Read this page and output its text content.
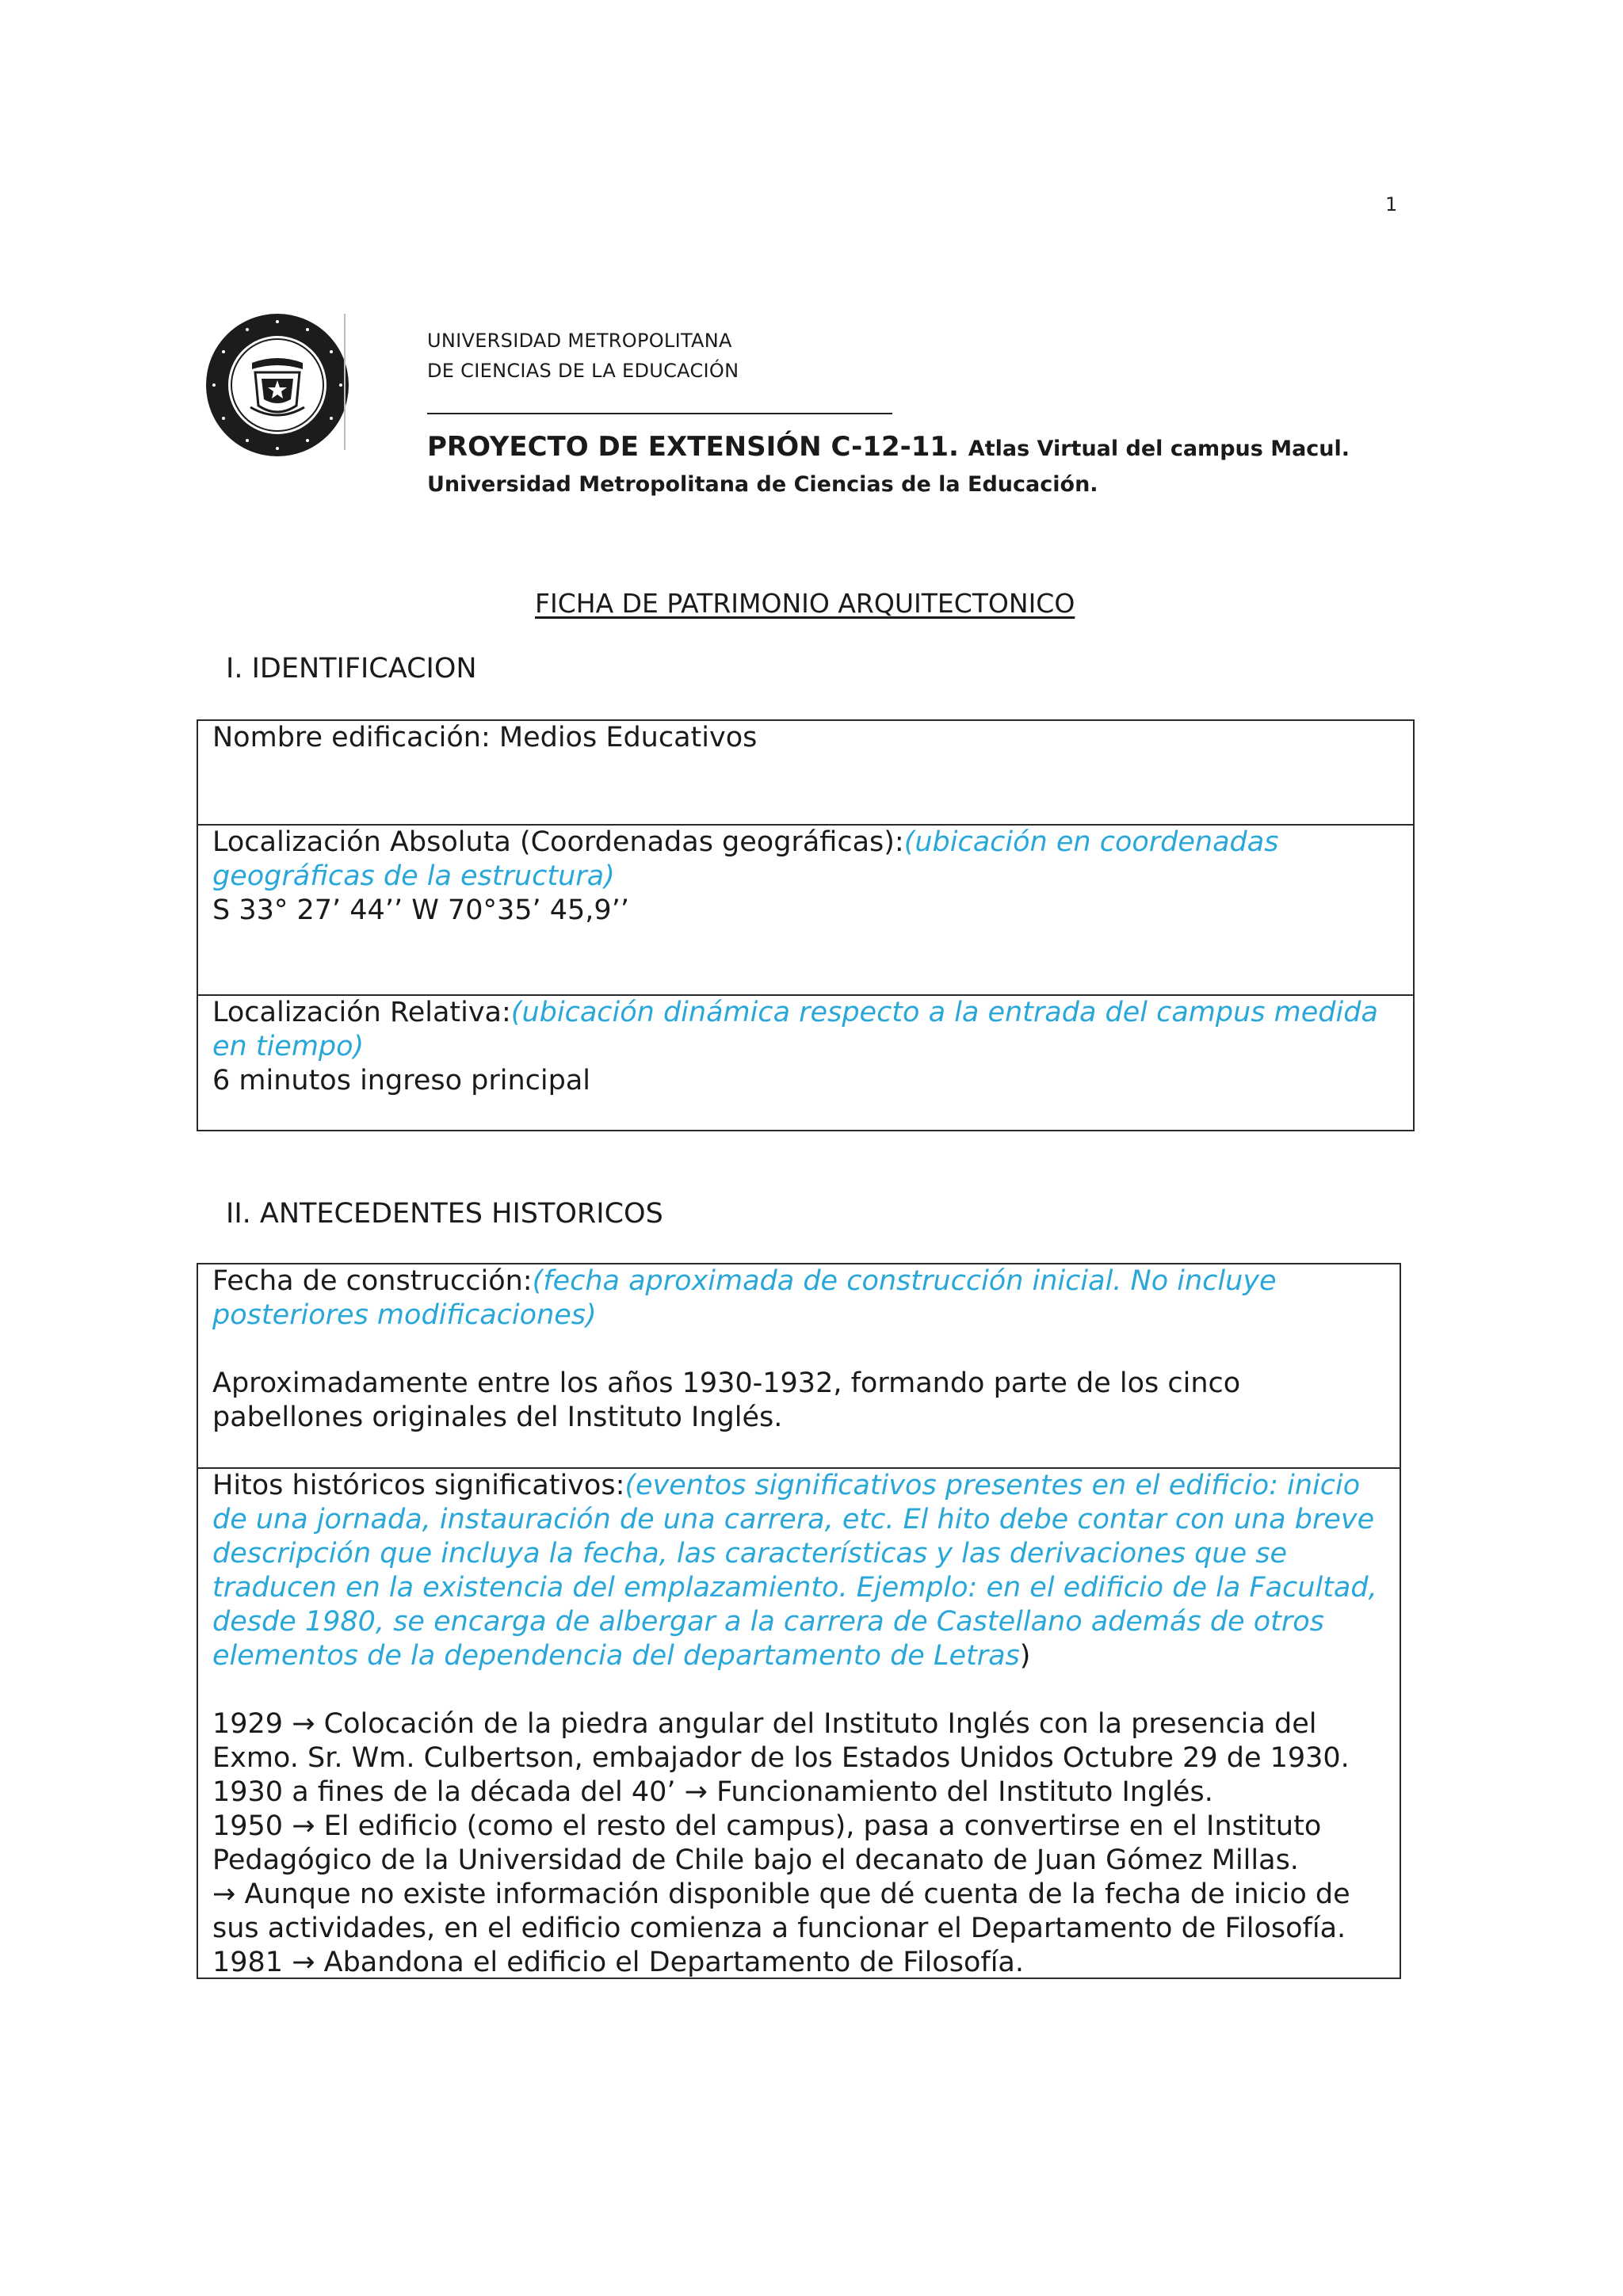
1
UNIVERSIDAD METROPOLITANA
DE CIENCIAS DE LA EDUCACIÓN
PROYECTO DE EXTENSIÓN C-12-11. Atlas Virtual del campus Macul.
Universidad Metropolitana de Ciencias de la Educación.
FICHA DE PATRIMONIO ARQUITECTONICO
I. IDENTIFICACION

Nombre edificación: Medios Educativos

Localización Absoluta (Coordenadas geográficas):(ubicación en coordenadas geográficas de la estructura)

S 33° 27’ 44’’ W 70°35’ 45,9’’

Localización Relativa:(ubicación dinámica respecto a la entrada del campus medida en tiempo)

6 minutos ingreso principal

II. ANTECEDENTES HISTORICOS

Fecha de construcción:(fecha aproximada de construcción inicial. No incluye posteriores modificaciones)

Aproximadamente entre los años 1930-1932, formando parte de los cinco pabellones originales del Instituto Inglés.

Hitos históricos significativos:(eventos significativos presentes en el edificio: inicio de una jornada, instauración de una carrera, etc. El hito debe contar con una breve descripción que incluya la fecha, las características y las derivaciones que se traducen en la existencia del emplazamiento. Ejemplo: en el edificio de la Facultad, desde 1980, se encarga de albergar a la carrera de Castellano además de otros elementos de la dependencia del departamento de Letras)

1929 → Colocación de la piedra angular del Instituto Inglés con la presencia del Exmo. Sr. Wm. Culbertson, embajador de los Estados Unidos Octubre 29 de 1930.

1930 a fines de la década del 40’ → Funcionamiento del Instituto Inglés.

1950 → El edificio (como el resto del campus), pasa a convertirse en el Instituto Pedagógico de la Universidad de Chile bajo el decanato de Juan Gómez Millas.

→ Aunque no existe información disponible que dé cuenta de la fecha de inicio de sus actividades, en el edificio comienza a funcionar el Departamento de Filosofía.

1981 → Abandona el edificio el Departamento de Filosofía.
